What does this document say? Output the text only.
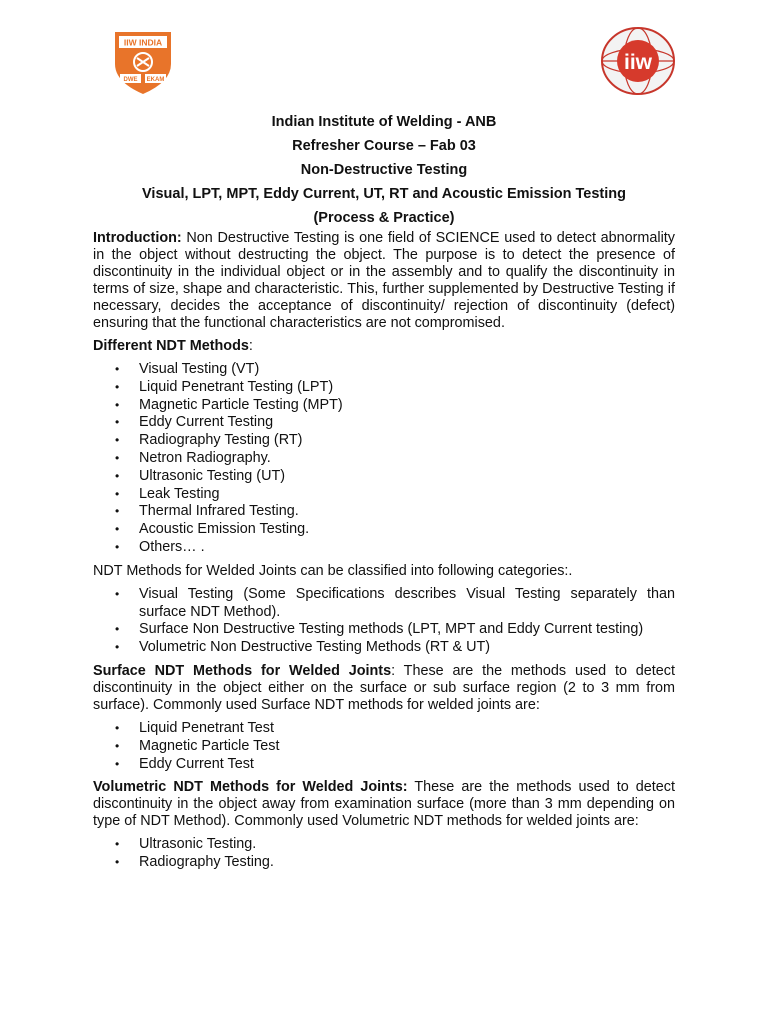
IIW INDIA
DWE EKAM
iiw
Indian Institute of Welding - ANB
Refresher Course – Fab 03
Non-Destructive Testing
Visual, LPT, MPT, Eddy Current, UT, RT and Acoustic Emission Testing
(Process & Practice)

Introduction: Non Destructive Testing is one field of SCIENCE used to detect abnormality in the object without destructing the object. The purpose is to detect the presence of discontinuity in the individual object or in the assembly and to qualify the discontinuity in terms of size, shape and characteristic. This, further supplemented by Destructive Testing if necessary, decides the acceptance of discontinuity/ rejection of discontinuity (defect) ensuring that the functional characteristics are not compromised.

Different NDT Methods:
• Visual Testing (VT)
• Liquid Penetrant Testing (LPT)
• Magnetic Particle Testing (MPT)
• Eddy Current Testing
• Radiography Testing (RT)
• Netron Radiography.
• Ultrasonic Testing (UT)
• Leak Testing
• Thermal Infrared Testing.
• Acoustic Emission Testing.
• Others… .

NDT Methods for Welded Joints can be classified into following categories:.

• Visual Testing (Some Specifications describes Visual Testing separately than surface NDT Method).
• Surface Non Destructive Testing methods (LPT, MPT and Eddy Current testing)
• Volumetric Non Destructive Testing Methods (RT & UT)

Surface NDT Methods for Welded Joints: These are the methods used to detect discontinuity in the object either on the surface or sub surface region (2 to 3 mm from surface). Commonly used Surface NDT methods for welded joints are:

• Liquid Penetrant Test
• Magnetic Particle Test
• Eddy Current Test

Volumetric NDT Methods for Welded Joints: These are the methods used to detect discontinuity in the object away from examination surface (more than 3 mm depending on type of NDT Method). Commonly used Volumetric NDT methods for welded joints are:

• Ultrasonic Testing.
• Radiography Testing.
